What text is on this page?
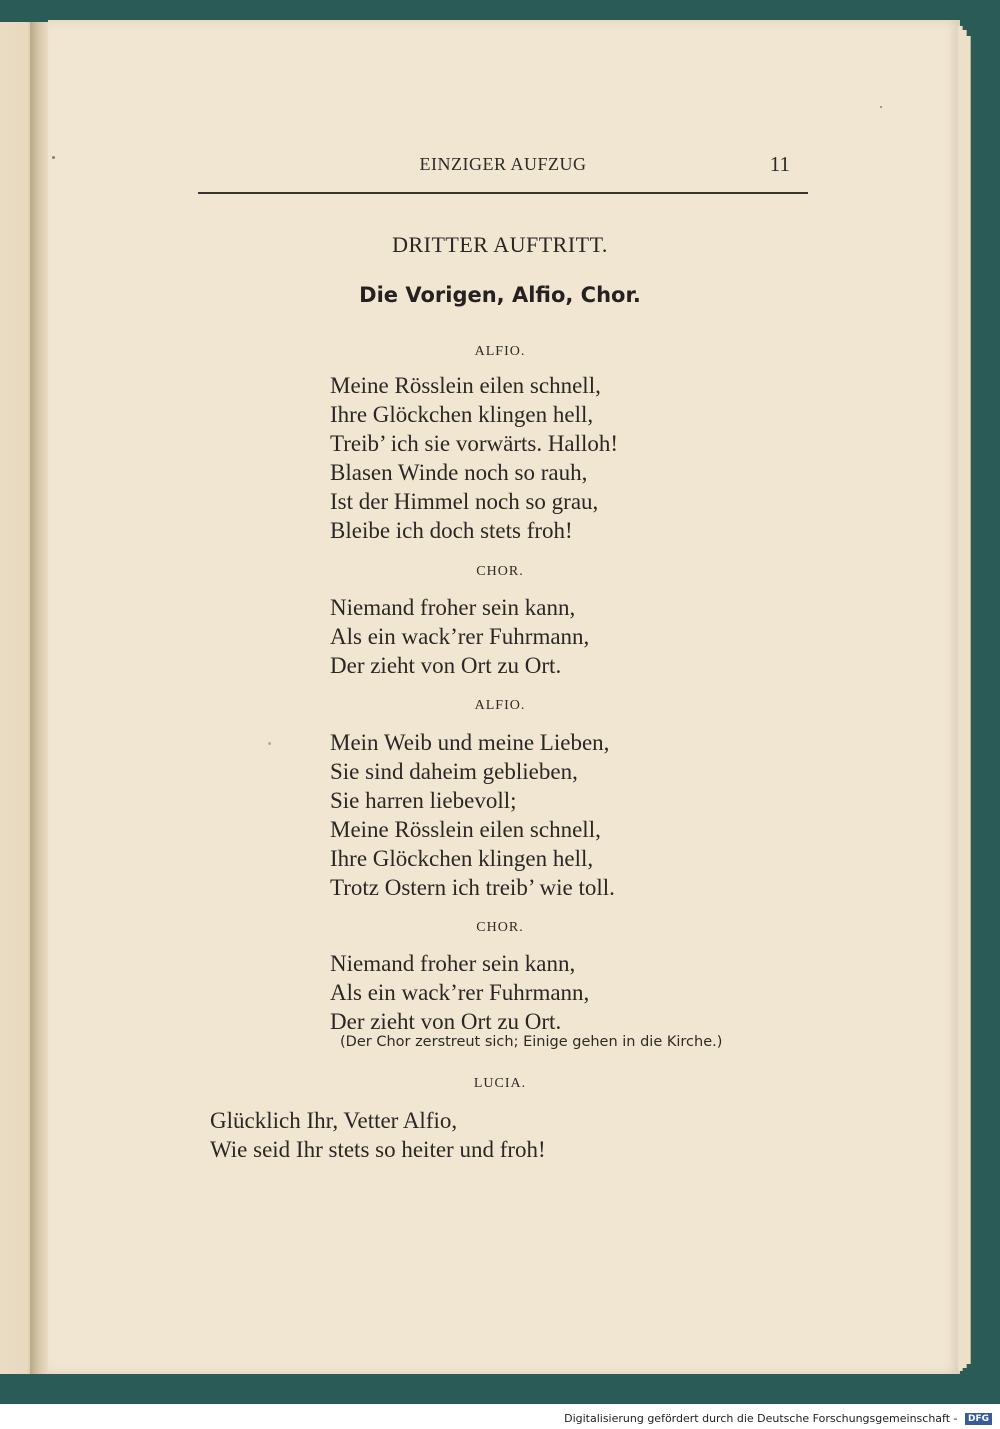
EINZIGER AUFZUG	11
DRITTER AUFTRITT.
Die Vorigen, Alfio, Chor.
ALFIO.
Meine Rösslein eilen schnell,
Ihre Glöckchen klingen hell,
Treib’ ich sie vorwärts. Halloh!
Blasen Winde noch so rauh,
Ist der Himmel noch so grau,
Bleibe ich doch stets froh!
CHOR.
Niemand froher sein kann,
Als ein wack’rer Fuhrmann,
Der zieht von Ort zu Ort.
ALFIO.
Mein Weib und meine Lieben,
Sie sind daheim geblieben,
Sie harren liebevoll;
Meine Rösslein eilen schnell,
Ihre Glöckchen klingen hell,
Trotz Ostern ich treib’ wie toll.
CHOR.
Niemand froher sein kann,
Als ein wack’rer Fuhrmann,
Der zieht von Ort zu Ort.
(Der Chor zerstreut sich; Einige gehen in die Kirche.)
LUCIA.
Glücklich Ihr, Vetter Alfio,
Wie seid Ihr stets so heiter und froh!
Digitalisierung gefördert durch die Deutsche Forschungsgemeinschaft - DFG
